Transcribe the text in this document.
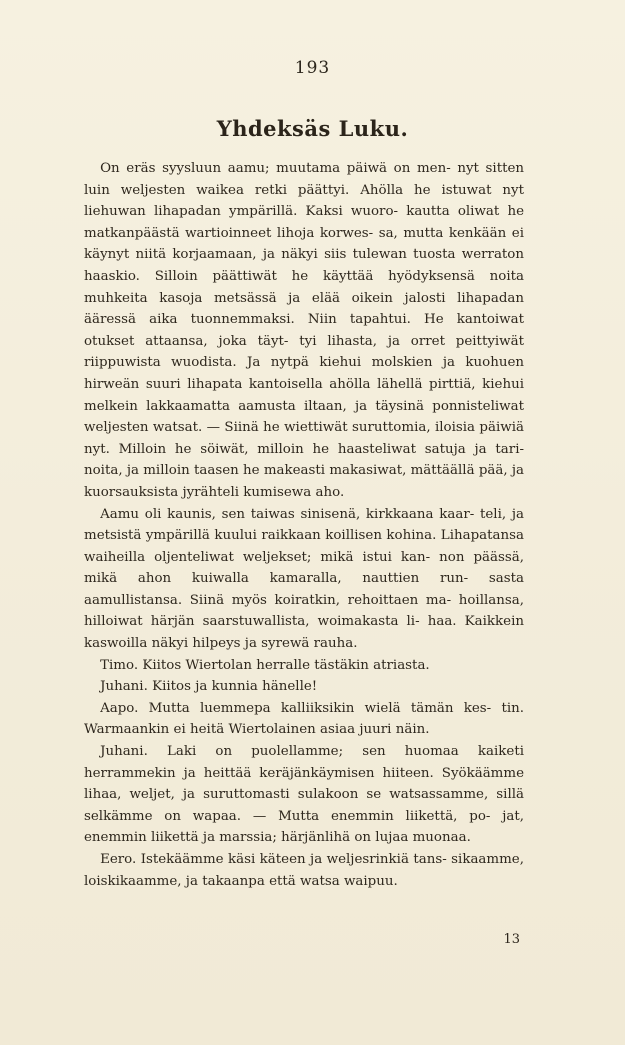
193
Yhdeksäs Luku.

On eräs syysluun aamu; muutama päiwä on men- nyt sitten luin weljesten waikea retki päättyi. Ahölla he istuwat nyt liehuwan lihapadan ympärillä. Kaksi wuoro- kautta oliwat he matkanpäästä wartioinneet lihoja korwes- sa, mutta kenkään ei käynyt niitä korjaamaan, ja näkyi siis tulewan tuosta werraton haaskio. Silloin päättiwät he käyttää hyödyksensä noita muhkeita kasoja metsässä ja elää oikein jalosti lihapadan ääressä aika tuonnemmaksi. Niin tapahtui. He kantoiwat otukset attaansa, joka täyt- tyi lihasta, ja orret peittyiwät riippuwista wuodista. Ja nytpä kiehui molskien ja kuohuen hirweän suuri lihapata kantoisella ahölla lähellä pirttiä, kiehui melkein lakkaamatta aamusta iltaan, ja täysinä ponnisteliwat weljesten watsat. — Siinä he wiettiwät suruttomia, iloisia päiwiä nyt. Milloin he söiwät, milloin he haasteliwat satuja ja tari- noita, ja milloin taasen he makeasti makasiwat, mättäällä pää, ja kuorsauksista jyrähteli kumisewa aho.

Aamu oli kaunis, sen taiwas sinisenä, kirkkaana kaar- teli, ja metsistä ympärillä kuului raikkaan koillisen kohina. Lihapatansa waiheilla oljenteliwat weljekset; mikä istui kan- non päässä, mikä ahon kuiwalla kamaralla, nauttien run- sasta aamullistansa. Siinä myös koiratkin, rehoittaen ma- hoillansa, hilloiwat härjän saarstuwallista, woimakasta li- haa. Kaikkein kaswoilla näkyi hilpeys ja syrewä rauha.

Timo. Kiitos Wiertolan herralle tästäkin atriasta.

Juhani. Kiitos ja kunnia hänelle!

Aapo. Mutta luemmepa kalliiksikin wielä tämän kes- tin. Warmaankin ei heitä Wiertolainen asiaa juuri näin.

Juhani. Laki on puolellamme; sen huomaa kaiketi herrammekin ja heittää keräjänkäymisen hiiteen. Syökäämme lihaa, weljet, ja suruttomasti sulakoon se watsassamme, sillä selkämme on wapaa. — Mutta enemmin liikettä, po- jat, enemmin liikettä ja marssia; härjänlihä on lujaa muonaa.

Eero. Istekäämme käsi käteen ja weljesrinkiä tans- sikaamme, loiskikaamme, ja takaanpa että watsa waipuu.

13
